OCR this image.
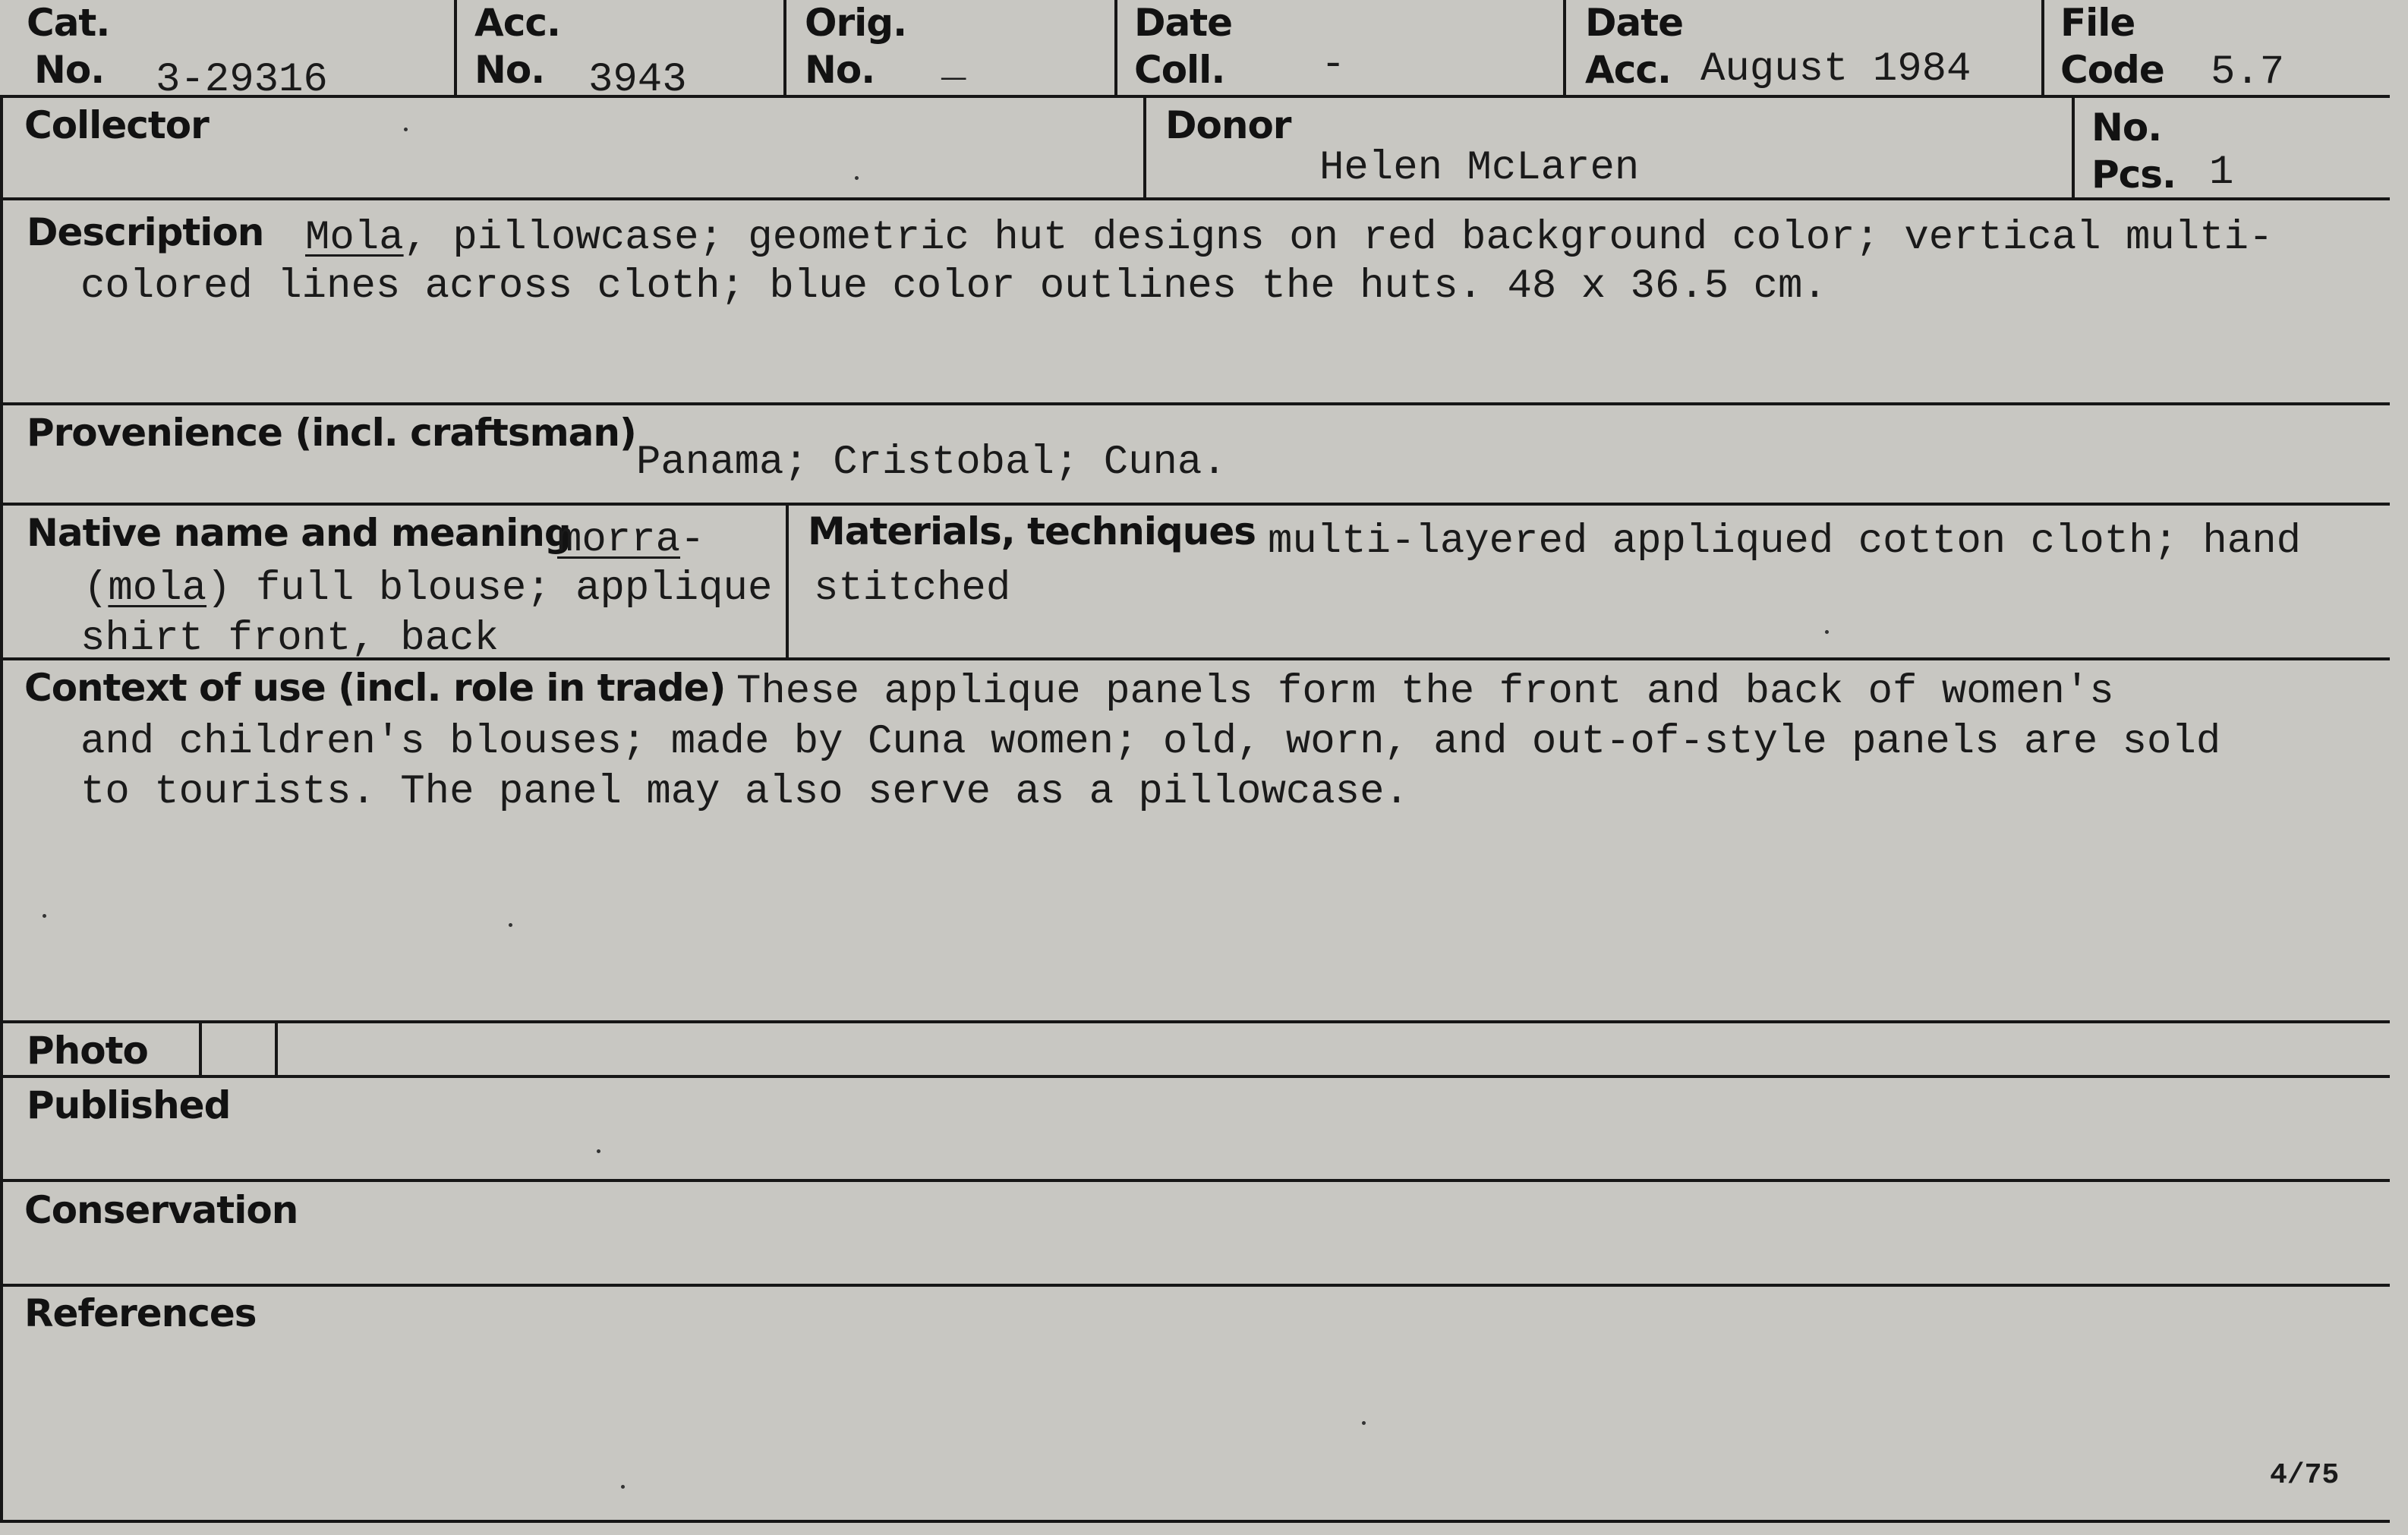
Cat.
No. 3-29316
Acc.
No. 3943
Orig.
No. _
Date
Coll. -
Date
Acc. August 1984
File
Code 5.7
Collector	Donor
Helen McLaren
No.
Pcs. 1
Description Mola, pillowcase; geometric hut designs on red background color; vertical multi-
colored lines across cloth; blue color outlines the huts. 48 x 36.5 cm.
Provenience (incl. craftsman)
Panama; Cristobal; Cuna.
Native name and meaning
morra-
(mola) full blouse; applique
shirt front, back
Materials, techniques multi-layered appliqued cotton cloth; hand
stitched
Context of use (incl. role in trade) These applique panels form the front and back of women's
and children's blouses; made by Cuna women; old, worn, and out-of-style panels are sold
to tourists. The panel may also serve as a pillowcase.
Photo
Published
Conservation
References
4/75
